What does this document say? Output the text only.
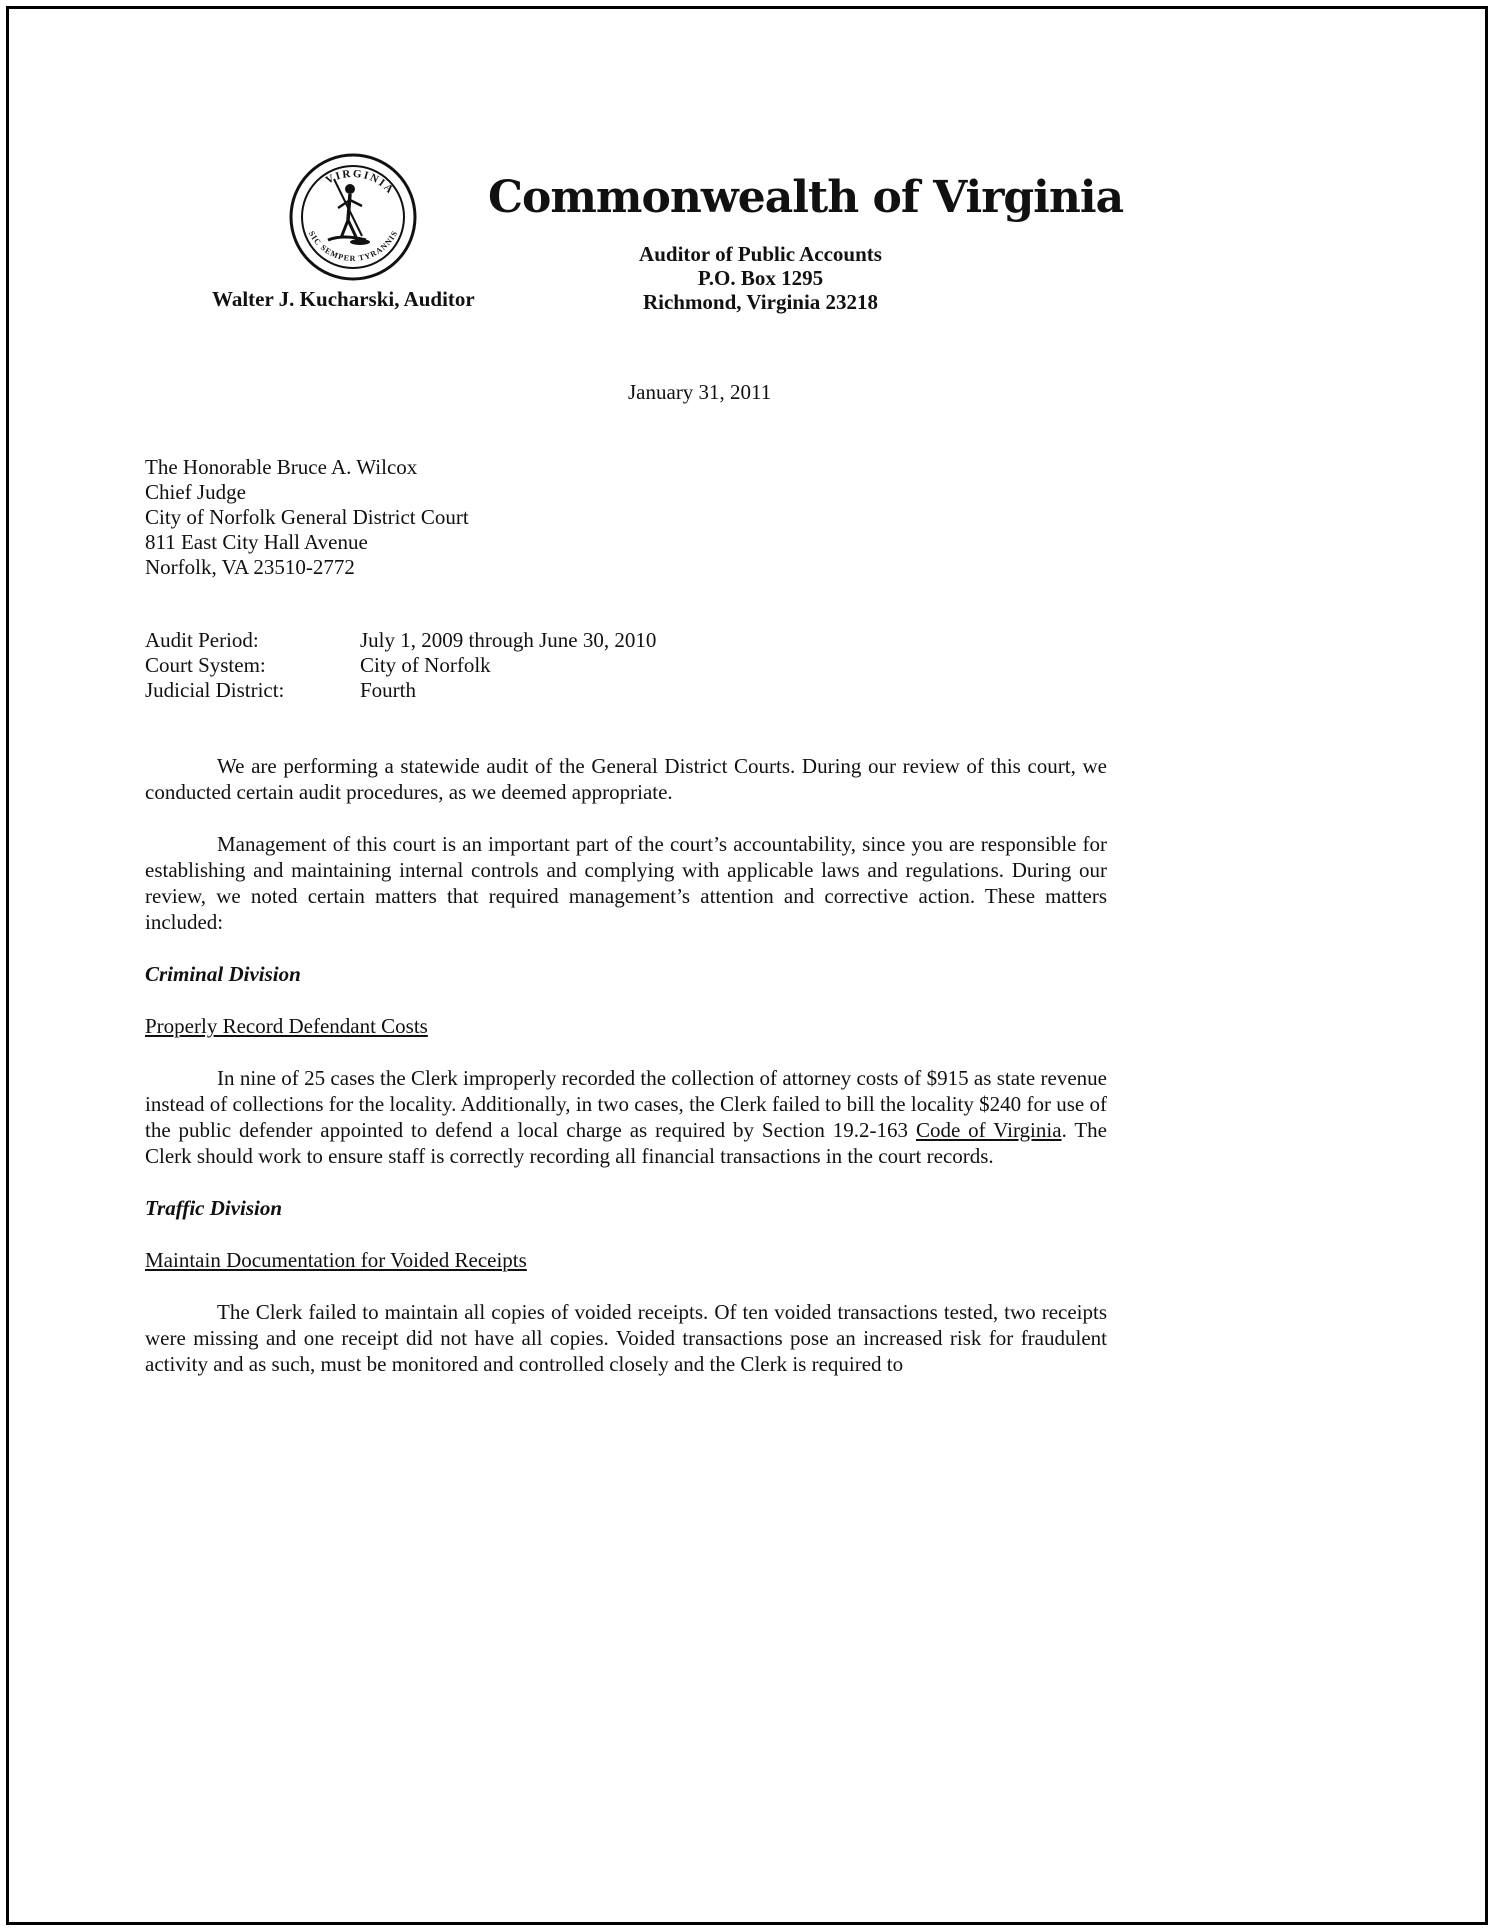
VIRGINIA
SIC SEMPER TYRANNIS
Commonwealth of Virginia
Auditor of Public Accounts
P.O. Box 1295
Richmond, Virginia 23218
Walter J. Kucharski, Auditor
January 31, 2011
The Honorable Bruce A. Wilcox
Chief Judge
City of Norfolk General District Court
811 East City Hall Avenue
Norfolk, VA 23510-2772
Audit Period:	July 1, 2009 through June 30, 2010
Court System:	City of Norfolk
Judicial District:	Fourth

We are performing a statewide audit of the General District Courts. During our review of this court, we conducted certain audit procedures, as we deemed appropriate.

Management of this court is an important part of the court’s accountability, since you are responsible for establishing and maintaining internal controls and complying with applicable laws and regulations. During our review, we noted certain matters that required management’s attention and corrective action. These matters included:

Criminal Division
Properly Record Defendant Costs

In nine of 25 cases the Clerk improperly recorded the collection of attorney costs of $915 as state revenue instead of collections for the locality. Additionally, in two cases, the Clerk failed to bill the locality $240 for use of the public defender appointed to defend a local charge as required by Section 19.2-163 Code of Virginia. The Clerk should work to ensure staff is correctly recording all financial transactions in the court records.

Traffic Division
Maintain Documentation for Voided Receipts

The Clerk failed to maintain all copies of voided receipts. Of ten voided transactions tested, two receipts were missing and one receipt did not have all copies. Voided transactions pose an increased risk for fraudulent activity and as such, must be monitored and controlled closely and the Clerk is required to
